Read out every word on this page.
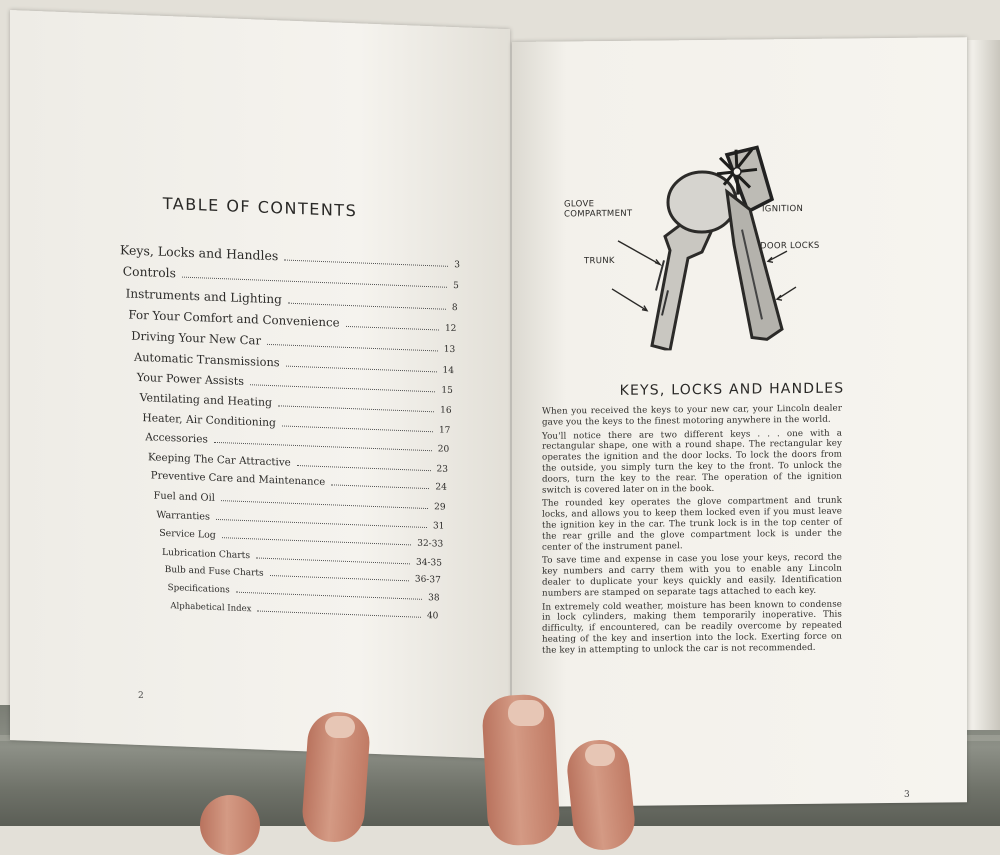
TABLE OF CONTENTS
Keys, Locks and Handles
3
Controls
5
Instruments and Lighting
8
For Your Comfort and Convenience	12
Driving Your New Car
13
Automatic Transmissions
14
Your Power Assists
15
Ventilating and Heating
16
Heater, Air Conditioning
17
Accessories
20
Keeping The Car Attractive
23
Preventive Care and Maintenance	24
Fuel and Oil
29
Warranties
31
Service Log
32-33
Lubrication Charts
34-35
Bulb and Fuse Charts
36-37
Specifications
38
Alphabetical Index
40
2
GLOVE
COMPARTMENT
TRUNK
IGNITION
DOOR LOCKS
KEYS, LOCKS AND HANDLES

When you received the keys to your new car, your Lincoln dealer gave you the keys to the finest motoring anywhere in the world.

You'll notice there are two different keys . . . one with a rectangular shape, one with a round shape. The rectangular key operates the ignition and the door locks. To lock the doors from the outside, you simply turn the key to the front. To unlock the doors, turn the key to the rear. The operation of the ignition switch is covered later on in the book.

The rounded key operates the glove compartment and trunk locks, and allows you to keep them locked even if you must leave the ignition key in the car. The trunk lock is in the top center of the rear grille and the glove compartment lock is under the center of the instrument panel.

To save time and expense in case you lose your keys, record the key numbers and carry them with you to enable any Lincoln dealer to duplicate your keys quickly and easily. Identification numbers are stamped on separate tags attached to each key.

In extremely cold weather, moisture has been known to condense in lock cylinders, making them temporarily inoperative. This difficulty, if encountered, can be readily overcome by repeated heating of the key and insertion into the lock. Exerting force on the key in attempting to unlock the car is not recommended.

3
